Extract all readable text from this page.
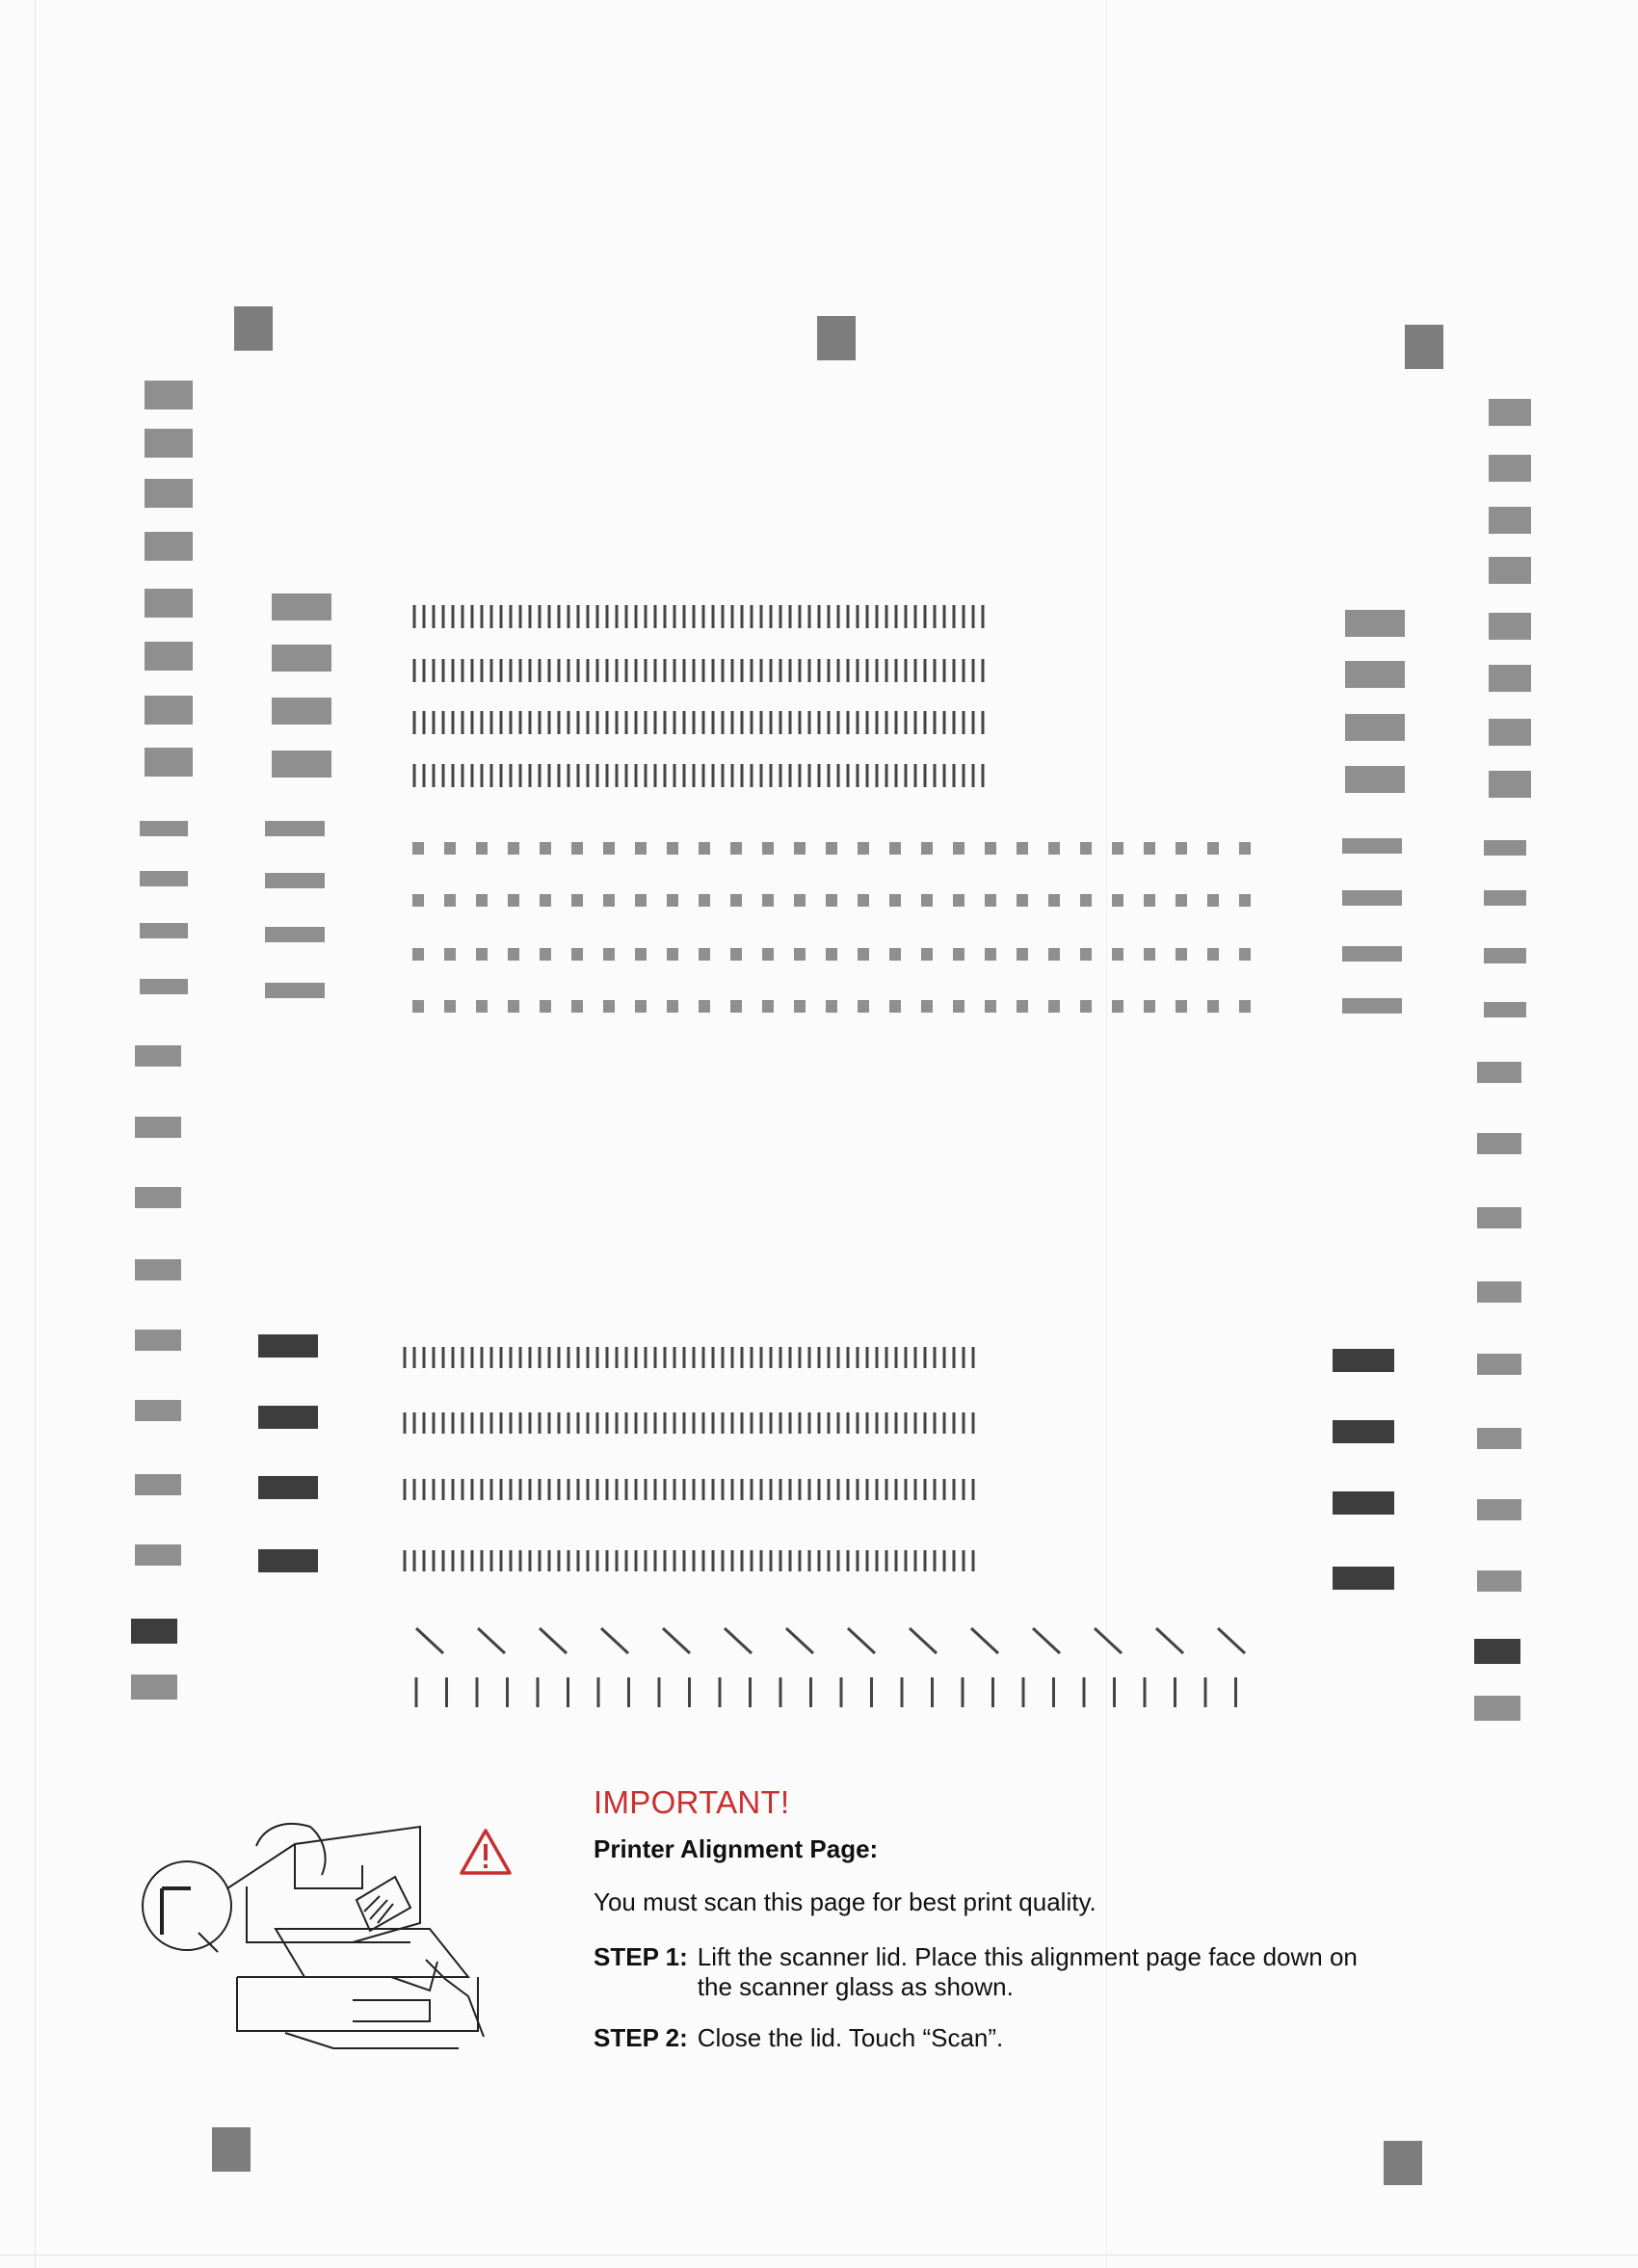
IMPORTANT!
Printer Alignment Page:
You must scan this page for best print quality.
STEP 1: Lift the scanner lid. Place this alignment page face down on the scanner glass as shown.
STEP 2: Close the lid. Touch “Scan”.
